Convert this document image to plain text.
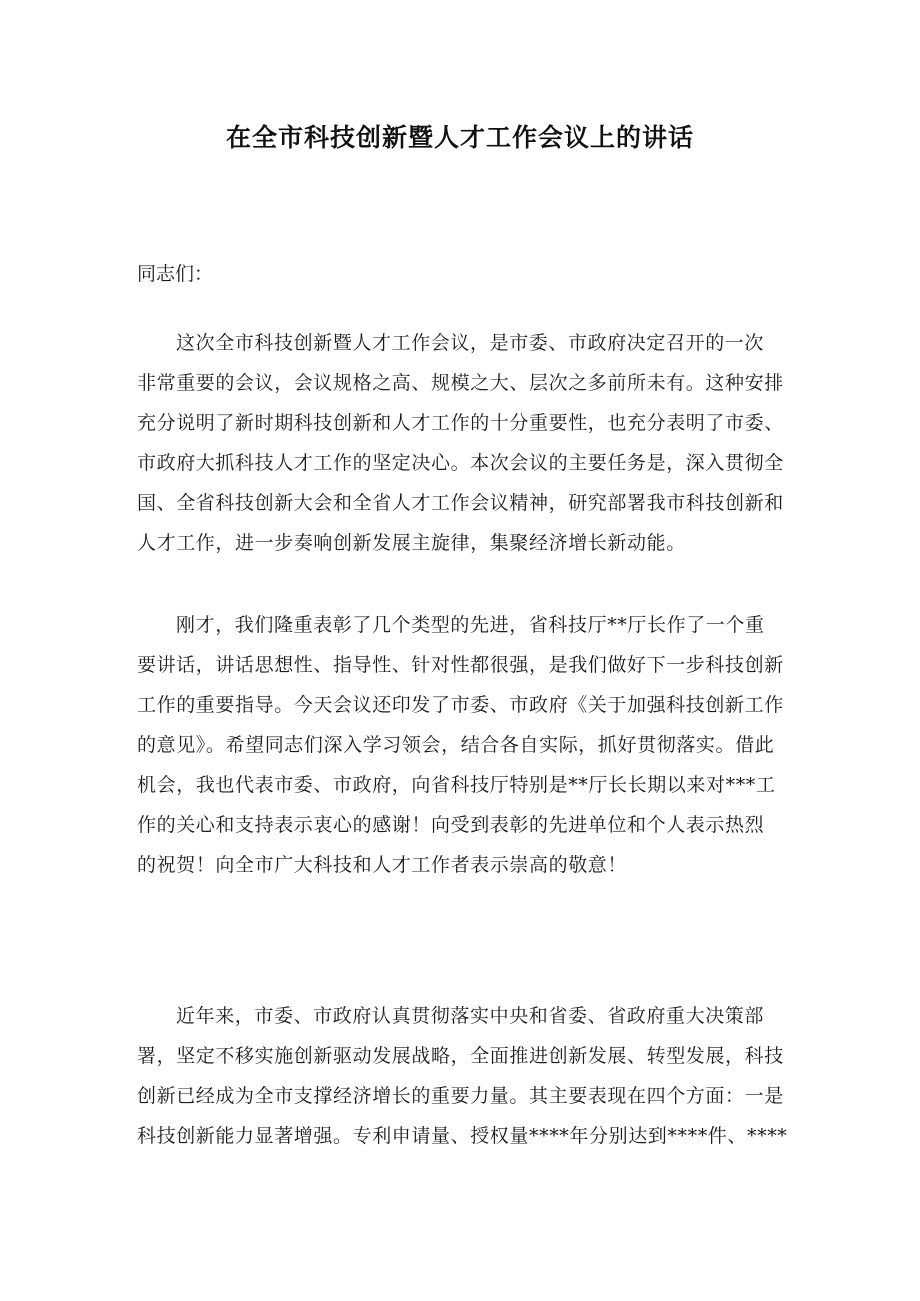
在全市科技创新暨人才工作会议上的讲话
同志们：
这次全市科技创新暨人才工作会议，是市委、市政府决定召开的一次
非常重要的会议，会议规格之高、规模之大、层次之多前所未有。这种安排
充分说明了新时期科技创新和人才工作的十分重要性，也充分表明了市委、
市政府大抓科技人才工作的坚定决心。本次会议的主要任务是，深入贯彻全
国、全省科技创新大会和全省人才工作会议精神，研究部署我市科技创新和
人才工作，进一步奏响创新发展主旋律，集聚经济增长新动能。
刚才，我们隆重表彰了几个类型的先进，省科技厅**厅长作了一个重
要讲话，讲话思想性、指导性、针对性都很强，是我们做好下一步科技创新
工作的重要指导。今天会议还印发了市委、市政府《关于加强科技创新工作
的意见》。希望同志们深入学习领会，结合各自实际，抓好贯彻落实。借此
机会，我也代表市委、市政府，向省科技厅特别是**厅长长期以来对***工
作的关心和支持表示衷心的感谢！向受到表彰的先进单位和个人表示热烈
的祝贺！向全市广大科技和人才工作者表示崇高的敬意！
近年来，市委、市政府认真贯彻落实中央和省委、省政府重大决策部
署，坚定不移实施创新驱动发展战略，全面推进创新发展、转型发展，科技
创新已经成为全市支撑经济增长的重要力量。其主要表现在四个方面：一是
科技创新能力显著增强。专利申请量、授权量****年分别达到****件、****
